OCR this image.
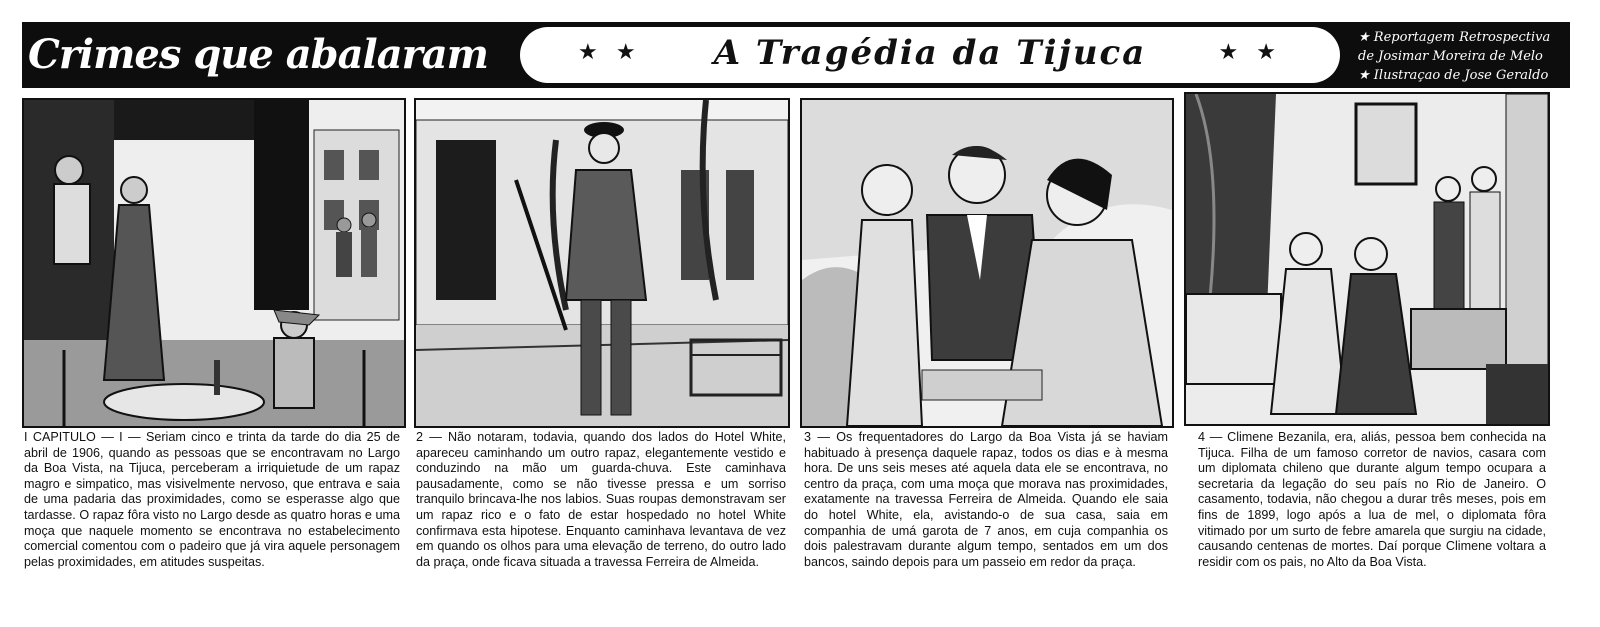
Crimes que abalaram	★ ★	A Tragédia da Tijuca	★ ★
★ Reportagem Retrospectiva
de Josimar Moreira de Melo
★ Ilustraçao de Jose Geraldo
I CAPITULO — I — Seriam cinco e trinta da tarde do dia 25 de abril de 1906, quando as pessoas que se encontravam no Largo da Boa Vista, na Tijuca, perceberam a irriquietude de um rapaz magro e simpatico, mas visivelmente nervoso, que entrava e saia de uma padaria das proximidades, como se esperasse algo que tardasse. O rapaz fôra visto no Largo desde as quatro horas e uma moça que naquele momento se encontrava no estabelecimento comercial comentou com o padeiro que já vira aquele personagem pelas proximidades, em atitudes suspeitas.
2 — Não notaram, todavia, quando dos lados do Hotel White, apareceu caminhando um outro rapaz, elegantemente vestido e conduzindo na mão um guarda-chuva. Este caminhava pausadamente, como se não tivesse pressa e um sorriso tranquilo brincava-lhe nos labios. Suas roupas demonstravam ser um rapaz rico e o fato de estar hospedado no hotel White confirmava esta hipotese. Enquanto caminhava levantava de vez em quando os olhos para uma elevação de terreno, do outro lado da praça, onde ficava situada a travessa Ferreira de Almeida.
3 — Os frequentadores do Largo da Boa Vista já se haviam habituado à presença daquele rapaz, todos os dias e à mesma hora. De uns seis meses até aquela data ele se encontrava, no centro da praça, com uma moça que morava nas proximidades, exatamente na travessa Ferreira de Almeida. Quando ele saia do hotel White, ela, avistando-o de sua casa, saia em companhia de umá garota de 7 anos, em cuja companhia os dois palestravam durante algum tempo, sentados em um dos bancos, saindo depois para um passeio em redor da praça.
4 — Climene Bezanila, era, aliás, pessoa bem conhecida na Tijuca. Filha de um famoso corretor de navios, casara com um diplomata chileno que durante algum tempo ocupara a secretaria da legação do seu país no Rio de Janeiro. O casamento, todavia, não chegou a durar três meses, pois em fins de 1899, logo após a lua de mel, o diplomata fôra vitimado por um surto de febre amarela que surgiu na cidade, causando centenas de mortes. Daí porque Climene voltara a residir com os pais, no Alto da Boa Vista.
